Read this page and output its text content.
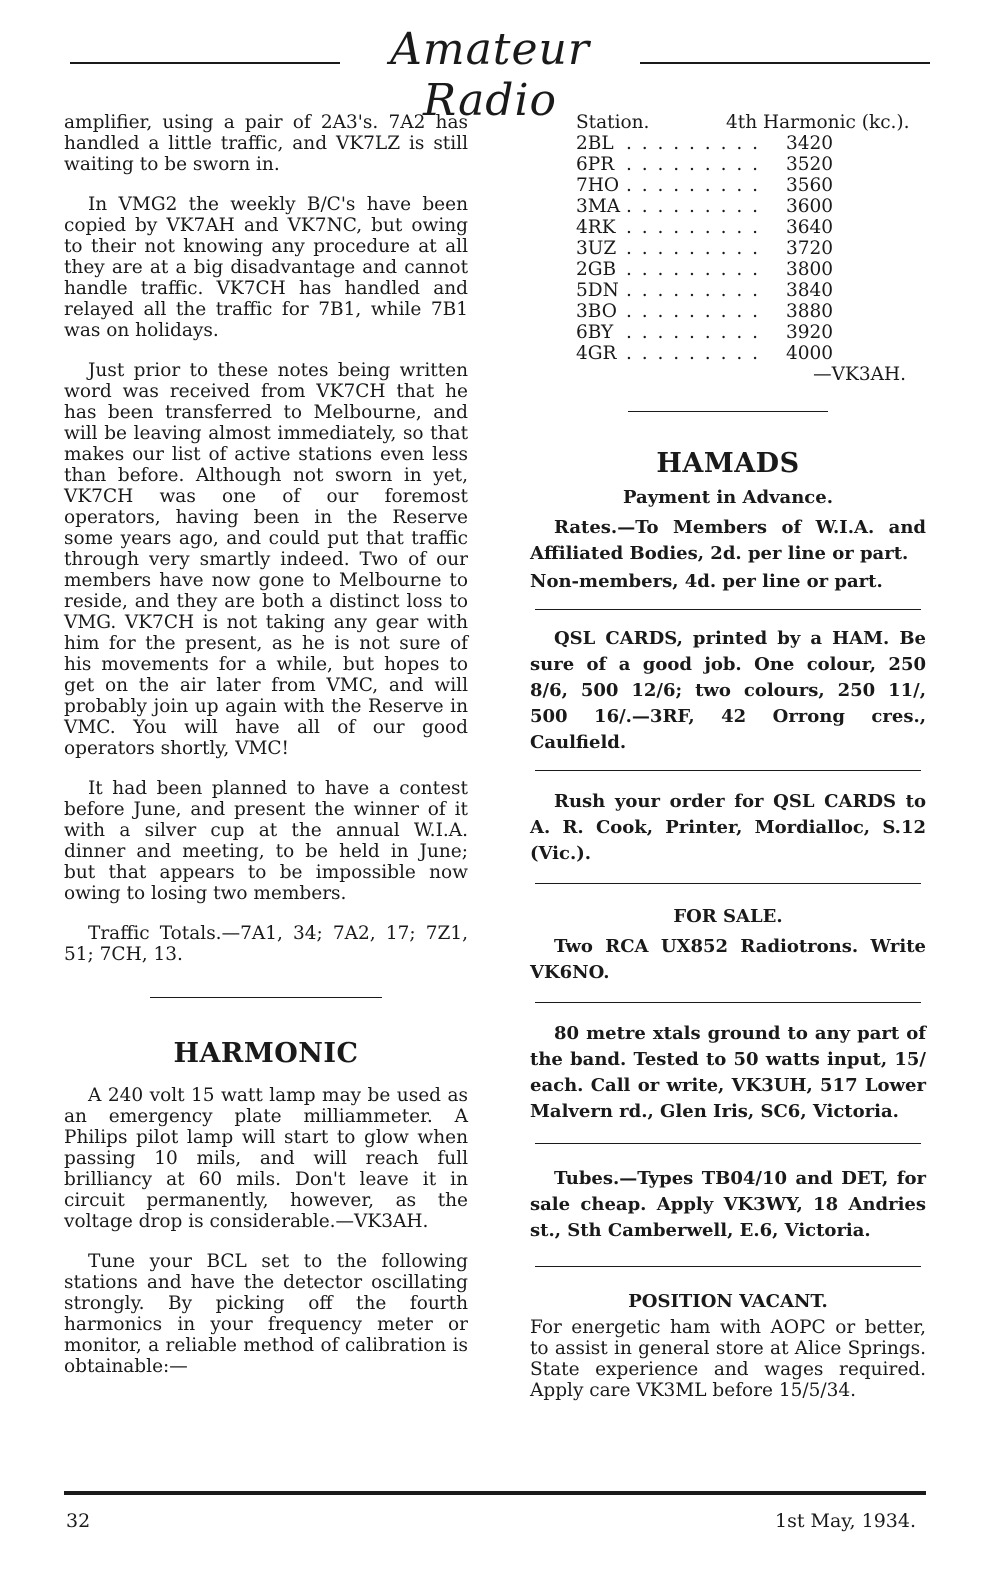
Amateur Radio

amplifier, using a pair of 2A3's. 7A2 has handled a little traffic, and VK7LZ is still waiting to be sworn in.

In VMG2 the weekly B/C's have been copied by VK7AH and VK7NC, but owing to their not knowing any procedure at all they are at a big disadvantage and cannot handle traffic. VK7CH has handled and relayed all the traffic for 7B1, while 7B1 was on holidays.

Just prior to these notes being written word was received from VK7CH that he has been transferred to Melbourne, and will be leaving almost immediately, so that makes our list of active stations even less than before. Although not sworn in yet, VK7CH was one of our foremost operators, having been in the Reserve some years ago, and could put that traffic through very smartly indeed. Two of our members have now gone to Melbourne to reside, and they are both a distinct loss to VMG. VK7CH is not taking any gear with him for the present, as he is not sure of his movements for a while, but hopes to get on the air later from VMC, and will probably join up again with the Reserve in VMC. You will have all of our good operators shortly, VMC!

It had been planned to have a contest before June, and present the winner of it with a silver cup at the annual W.I.A. dinner and meeting, to be held in June; but that appears to be impossible now owing to losing two members.

Traffic Totals.—7A1, 34; 7A2, 17; 7Z1, 51; 7CH, 13.

HARMONIC

A 240 volt 15 watt lamp may be used as an emergency plate milliammeter. A Philips pilot lamp will start to glow when passing 10 mils, and will reach full brilliancy at 60 mils. Don't leave it in circuit permanently, however, as the voltage drop is considerable.—VK3AH.

Tune your BCL set to the following stations and have the detector oscillating strongly. By picking off the fourth harmonics in your frequency meter or monitor, a reliable method of calibration is obtainable:—

Station.	4th Harmonic (kc.).
2BL . . . . . . . . .	3420
6PR . . . . . . . . .	3520
7HO . . . . . . . . .	3560
3MA . . . . . . . . .	3600
4RK . . . . . . . . .	3640
3UZ . . . . . . . . .	3720
2GB . . . . . . . . .	3800
5DN . . . . . . . . .	3840
3BO . . . . . . . . .	3880
6BY . . . . . . . . .	3920
4GR . . . . . . . . .	4000
—VK3AH.
HAMADS
Payment in Advance.

Rates.—To Members of W.I.A. and Affiliated Bodies, 2d. per line or part.

Non-members, 4d. per line or part.

QSL CARDS, printed by a HAM. Be sure of a good job. One colour, 250 8/6, 500 12/6; two colours, 250 11/, 500 16/.—3RF, 42 Orrong cres., Caulfield.

Rush your order for QSL CARDS to A. R. Cook, Printer, Mordialloc, S.12 (Vic.).

FOR SALE.

Two RCA UX852 Radiotrons. Write VK6NO.

80 metre xtals ground to any part of the band. Tested to 50 watts input, 15/ each. Call or write, VK3UH, 517 Lower Malvern rd., Glen Iris, SC6, Victoria.

Tubes.—Types TB04/10 and DET, for sale cheap. Apply VK3WY, 18 Andries st., Sth Camberwell, E.6, Victoria.

POSITION VACANT.

For energetic ham with AOPC or better, to assist in general store at Alice Springs. State experience and wages required. Apply care VK3ML before 15/5/34.

32	1st May, 1934.
